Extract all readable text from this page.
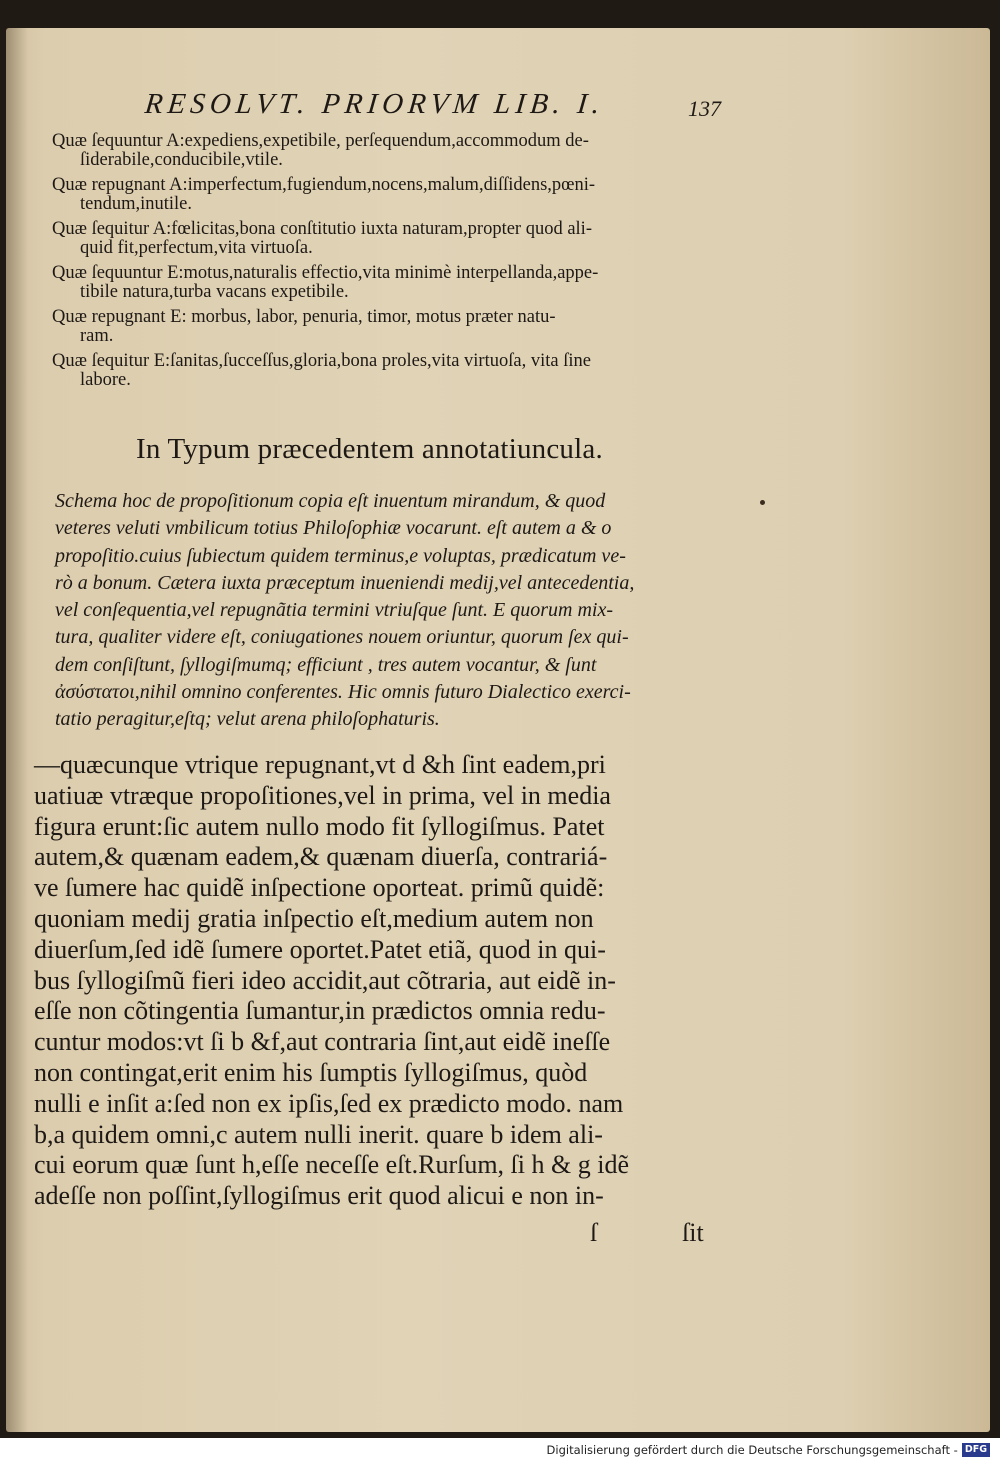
RESOLVT. PRIORVM LIB. I.	137
Quæ ſequuntur A:expediens,expetibile, perſequendum,accommodum de-
ſiderabile,conducibile,vtile.
Quæ repugnant A:imperfectum,fugiendum,nocens,malum,diſſidens,pœni-
tendum,inutile.
Quæ ſequitur A:fœlicitas,bona conſtitutio iuxta naturam,propter quod ali-
quid fit,perfectum,vita virtuoſa.
Quæ ſequuntur E:motus,naturalis effectio,vita minimè interpellanda,appe-
tibile natura,turba vacans expetibile.
Quæ repugnant E: morbus, labor, penuria, timor, motus præter natu-
ram.
Quæ ſequitur E:ſanitas,ſucceſſus,gloria,bona proles,vita virtuoſa, vita ſine
labore.
In Typum præcedentem annotatiuncula.
Schema hoc de propoſitionum copia eſt inuentum mirandum, & quod
veteres veluti vmbilicum totius Philoſophiæ vocarunt. eſt autem a & o
propoſitio.cuius ſubiectum quidem terminus,e voluptas, prædicatum ve-
rò a bonum. Cætera iuxta præceptum inueniendi medij,vel antecedentia,
vel conſequentia,vel repugnãtia termini vtriuſque ſunt. E quorum mix-
tura, qualiter videre eſt, coniugationes nouem oriuntur, quorum ſex qui-
dem conſiſtunt, ſyllogiſmumq; efficiunt , tres autem vocantur, & ſunt
ἀσύστατοι,nihil omnino conferentes. Hic omnis futuro Dialectico exerci-
tatio peragitur,eſtq; velut arena philoſophaturis.
—quæcunque vtrique repugnant,vt d &h ſint eadem,pri
uatiuæ vtræque propoſitiones,vel in prima, vel in media
figura erunt:ſic autem nullo modo fit ſyllogiſmus. Patet
autem,& quænam eadem,& quænam diuerſa, contrariá-
ve ſumere hac quidẽ inſpectione oporteat. primũ quidẽ:
quoniam medij gratia inſpectio eſt,medium autem non
diuerſum,ſed idẽ ſumere oportet.Patet etiã, quod in qui-
bus ſyllogiſmũ fieri ideo accidit,aut cõtraria, aut eidẽ in-
eſſe non cõtingentia ſumantur,in prædictos omnia redu-
cuntur modos:vt ſi b &f,aut contraria ſint,aut eidẽ ineſſe
non contingat,erit enim his ſumptis ſyllogiſmus, quòd
nulli e inſit a:ſed non ex ipſis,ſed ex prædicto modo. nam
b,a quidem omni,c autem nulli inerit. quare b idem ali-
cui eorum quæ ſunt h,eſſe neceſſe eſt.Rurſum, ſi h & g idẽ
adeſſe non poſſint,ſyllogiſmus erit quod alicui e non in-
ſ	ſit
Digitalisierung gefördert durch die Deutsche Forschungsgemeinschaft - DFG
